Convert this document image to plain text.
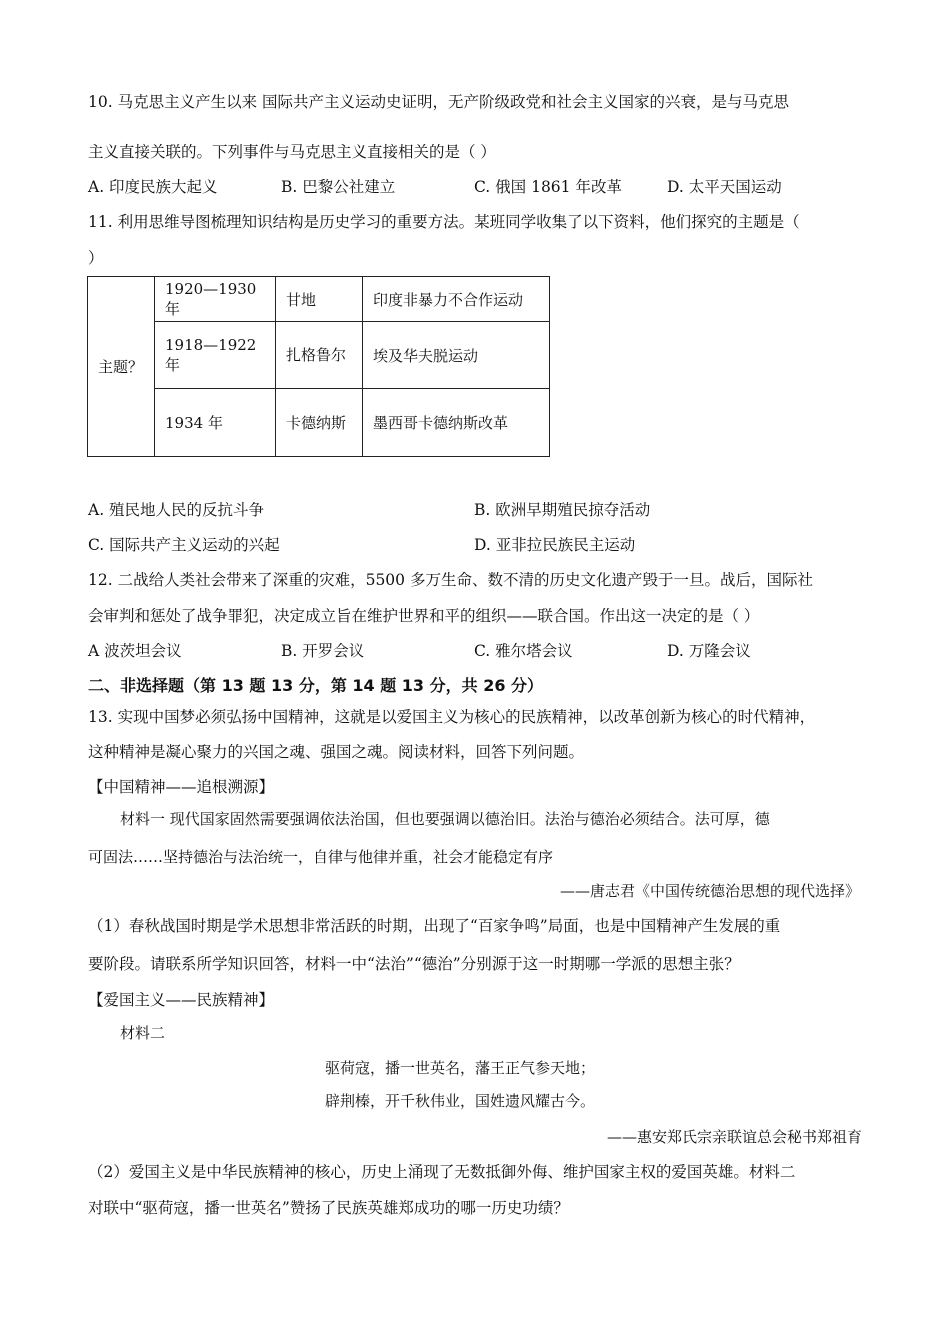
10. 马克思主义产生以来 国际共产主义运动史证明，无产阶级政党和社会主义国家的兴衰，是与马克思
主义直接关联的。下列事件与马克思主义直接相关的是（ ）
A. 印度民族大起义	B. 巴黎公社建立	C. 俄国 1861 年改革	D. 太平天国运动
11. 利用思维导图梳理知识结构是历史学习的重要方法。某班同学收集了以下资料，他们探究的主题是（
）
主题？	1920—1930 年	甘地	印度非暴力不合作运动
	1918—1922 年	扎格鲁尔	埃及华夫脱运动
	1934 年	卡德纳斯	墨西哥卡德纳斯改革
A. 殖民地人民的反抗斗争	B. 欧洲早期殖民掠夺活动
C. 国际共产主义运动的兴起	D. 亚非拉民族民主运动
12. 二战给人类社会带来了深重的灾难，5500 多万生命、数不清的历史文化遗产毁于一旦。战后，国际社
会审判和惩处了战争罪犯，决定成立旨在维护世界和平的组织——联合国。作出这一决定的是（ ）
A 波茨坦会议	B. 开罗会议	C. 雅尔塔会议	D. 万隆会议
二、非选择题（第 13 题 13 分，第 14 题 13 分，共 26 分）
13. 实现中国梦必须弘扬中国精神，这就是以爱国主义为核心的民族精神，以改革创新为核心的时代精神，
这种精神是凝心聚力的兴国之魂、强国之魂。阅读材料，回答下列问题。
【中国精神——追根溯源】
材料一 现代国家固然需要强调依法治国，但也要强调以德治旧。法治与德治必须结合。法可厚，德
可固法……坚持德治与法治统一，自律与他律并重，社会才能稳定有序
——唐志君《中国传统德治思想的现代选择》
（1）春秋战国时期是学术思想非常活跃的时期，出现了“百家争鸣”局面，也是中国精神产生发展的重
要阶段。请联系所学知识回答，材料一中“法治”“德治”分别源于这一时期哪一学派的思想主张？
【爱国主义——民族精神】
材料二
驱荷寇，播一世英名，藩王正气参天地；
辟荆榛，开千秋伟业，国姓遗风耀古今。
——惠安郑氏宗亲联谊总会秘书郑祖育
（2）爱国主义是中华民族精神的核心，历史上涌现了无数抵御外侮、维护国家主权的爱国英雄。材料二
对联中“驱荷寇，播一世英名”赞扬了民族英雄郑成功的哪一历史功绩？
